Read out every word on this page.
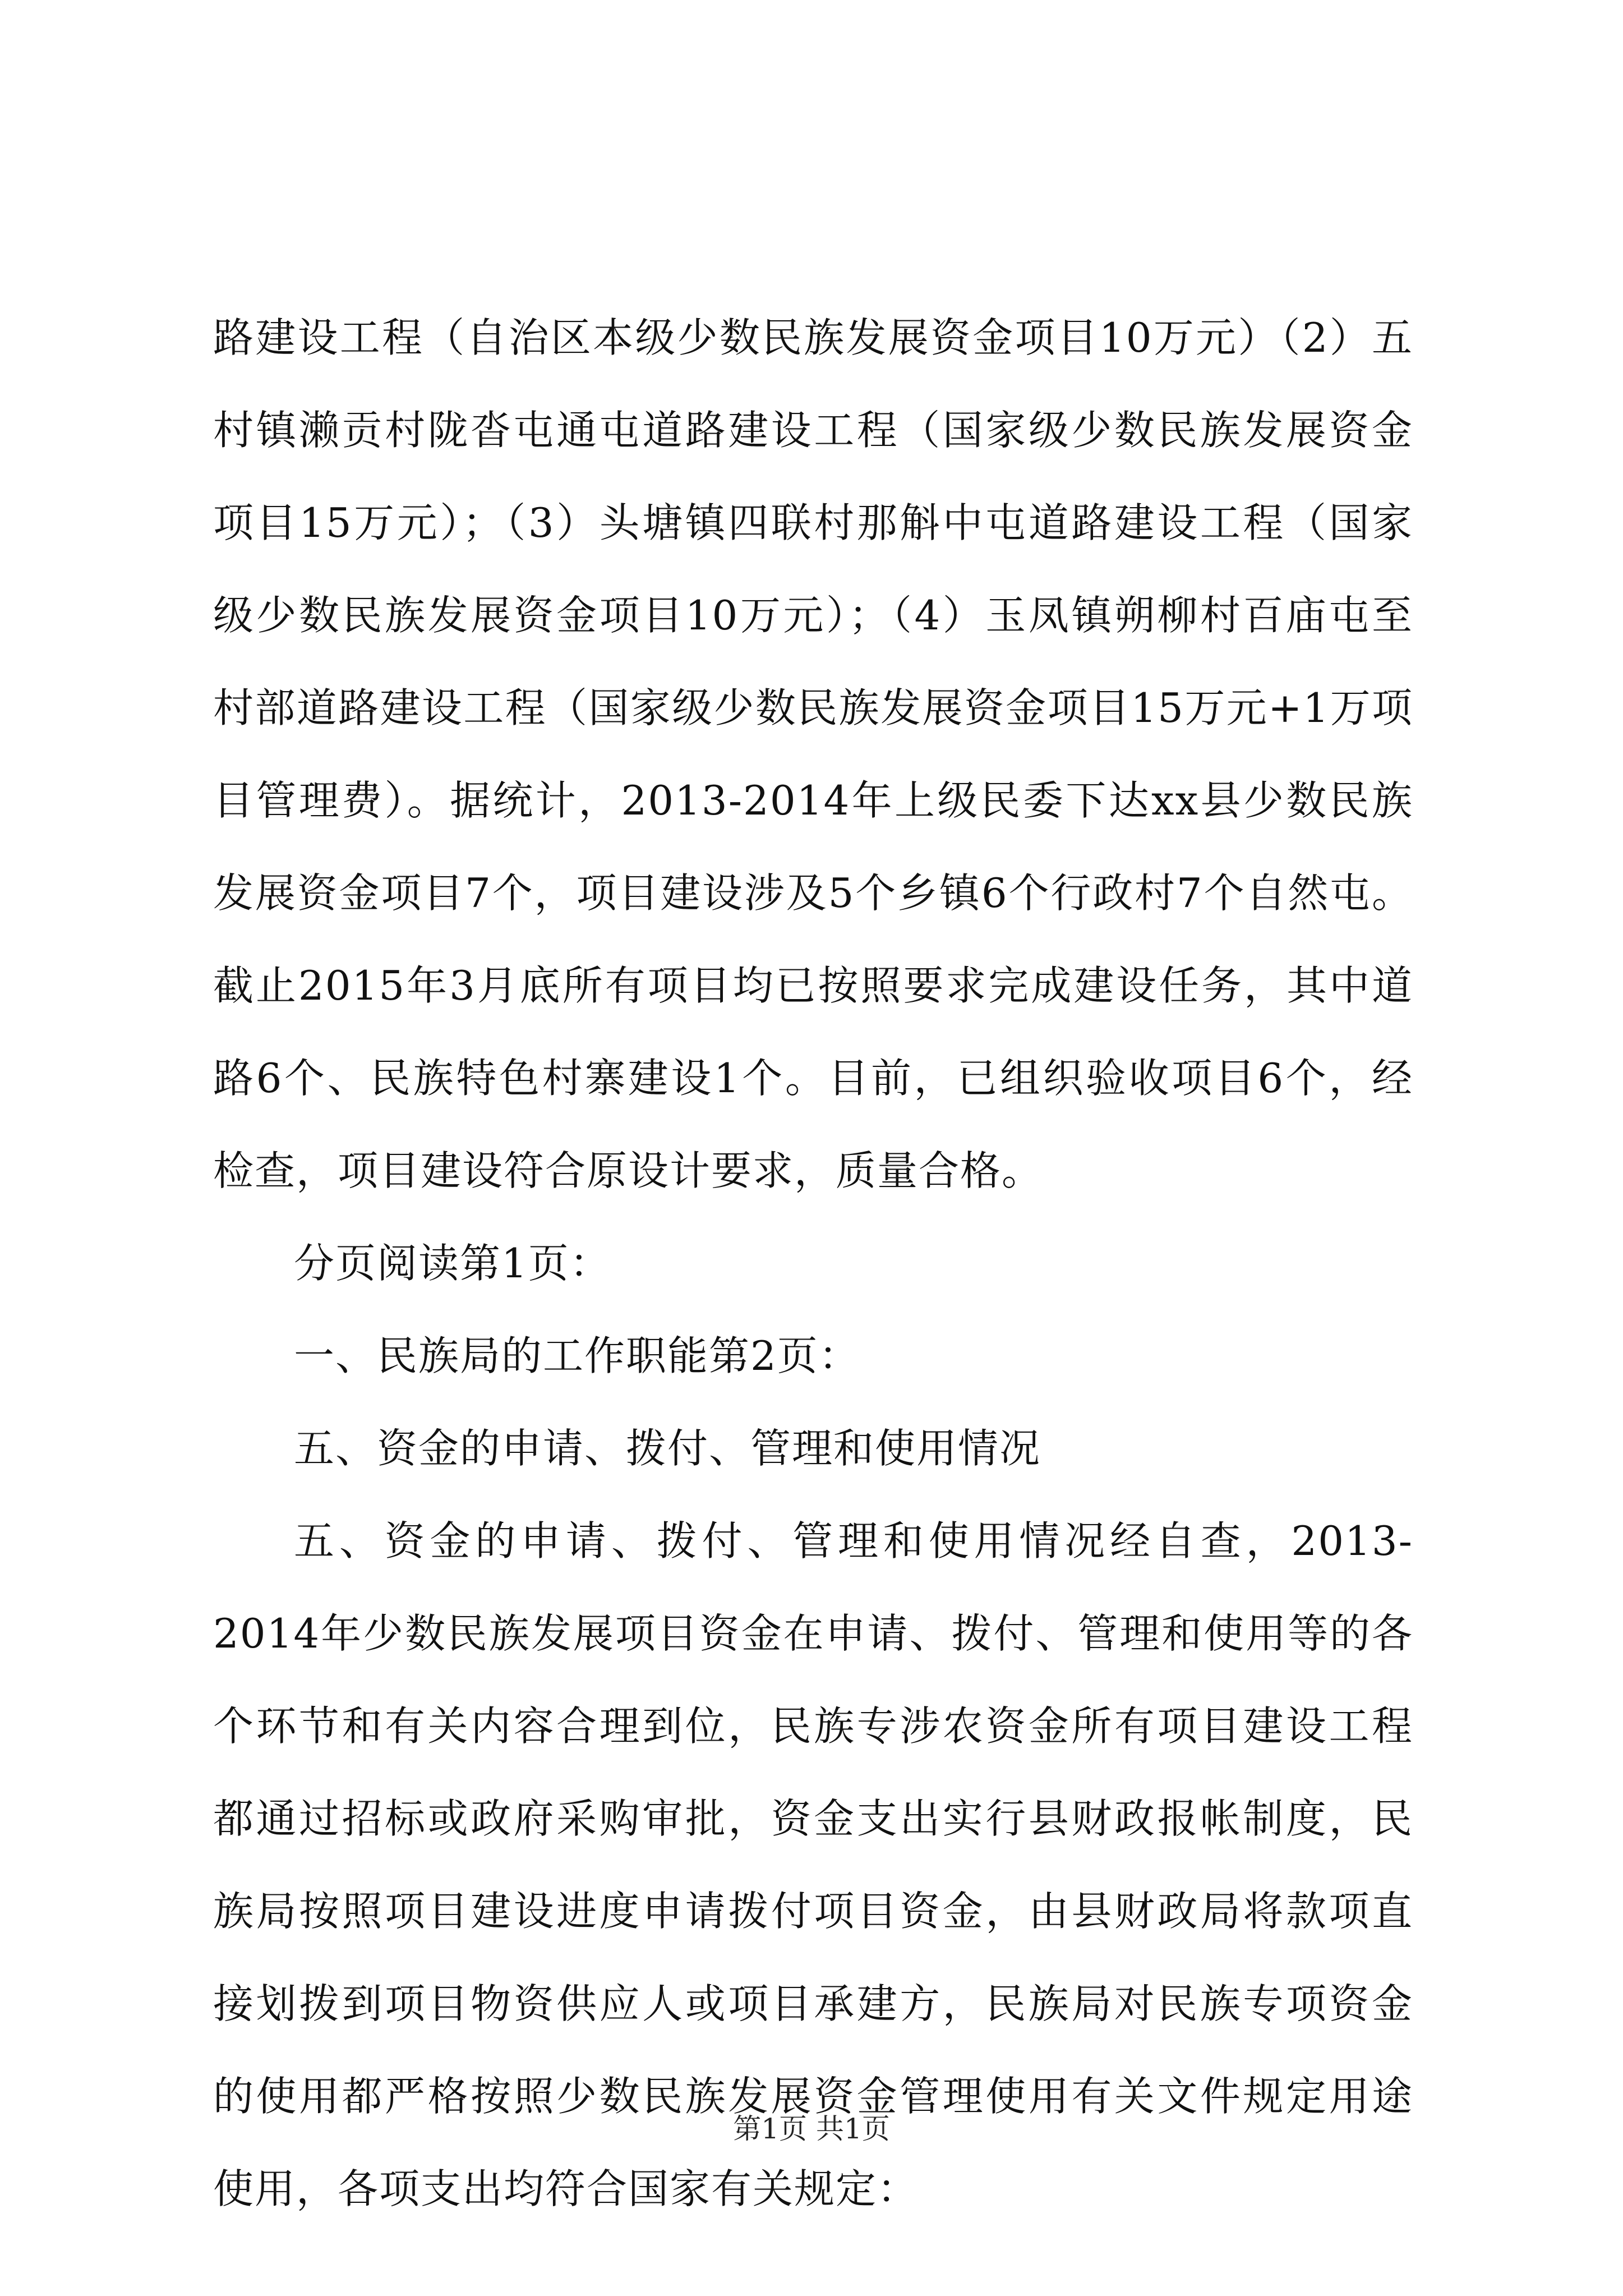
路建设工程（自治区本级少数民族发展资金项目10万元）（2）五村镇濑贡村陇沓屯通屯道路建设工程（国家级少数民族发展资金项目15万元）；（3）头塘镇四联村那斛中屯道路建设工程（国家级少数民族发展资金项目10万元）；（4）玉凤镇朔柳村百庙屯至村部道路建设工程（国家级少数民族发展资金项目15万元+1万项目管理费）。据统计，2013-2014年上级民委下达xx县少数民族发展资金项目7个，项目建设涉及5个乡镇6个行政村7个自然屯。截止2015年3月底所有项目均已按照要求完成建设任务，其中道路6个、民族特色村寨建设1个。目前，已组织验收项目6个，经检查，项目建设符合原设计要求，质量合格。

分页阅读第1页：

一、民族局的工作职能第2页：

五、资金的申请、拨付、管理和使用情况

五、资金的申请、拨付、管理和使用情况经自查，2013-2014年少数民族发展项目资金在申请、拨付、管理和使用等的各个环节和有关内容合理到位，民族专涉农资金所有项目建设工程都通过招标或政府采购审批，资金支出实行县财政报帐制度，民族局按照项目建设进度申请拨付项目资金，由县财政局将款项直接划拨到项目物资供应人或项目承建方，民族局对民族专项资金的使用都严格按照少数民族发展资金管理使用有关文件规定用途使用，各项支出均符合国家有关规定：

第1页 共1页
